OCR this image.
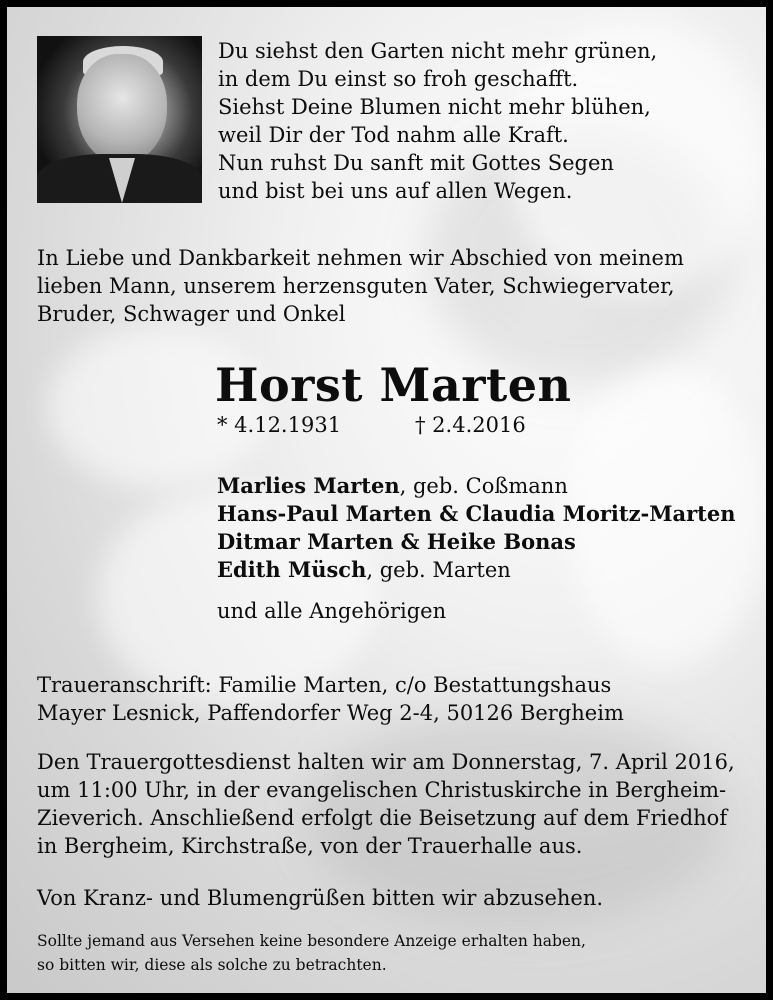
Du siehst den Garten nicht mehr grünen,
in dem Du einst so froh geschafft.
Siehst Deine Blumen nicht mehr blühen,
weil Dir der Tod nahm alle Kraft.
Nun ruhst Du sanft mit Gottes Segen
und bist bei uns auf allen Wegen.
In Liebe und Dankbarkeit nehmen wir Abschied von meinem
lieben Mann, unserem herzensguten Vater, Schwiegervater,
Bruder, Schwager und Onkel
Horst Marten
* 4.12.1931	† 2.4.2016
Marlies Marten, geb. Coßmann
Hans-Paul Marten & Claudia Moritz-Marten
Ditmar Marten & Heike Bonas
Edith Müsch, geb. Marten
und alle Angehörigen
Traueranschrift: Familie Marten, c/o Bestattungshaus
Mayer Lesnick, Paffendorfer Weg 2-4, 50126 Bergheim
Den Trauergottesdienst halten wir am Donnerstag, 7. April 2016,
um 11:00 Uhr, in der evangelischen Christuskirche in Bergheim-
Zieverich. Anschließend erfolgt die Beisetzung auf dem Friedhof
in Bergheim, Kirchstraße, von der Trauerhalle aus.
Von Kranz- und Blumengrüßen bitten wir abzusehen.
Sollte jemand aus Versehen keine besondere Anzeige erhalten haben,
so bitten wir, diese als solche zu betrachten.
